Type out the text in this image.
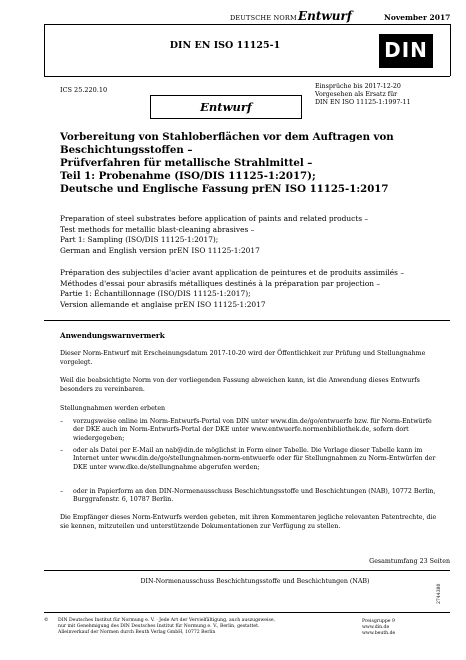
DEUTSCHE NORM Entwurf	November 2017
DIN EN ISO 11125-1	DIN
ICS 25.220.10	Einsprüche bis 2017-12-20
Vorgesehen als Ersatz für
DIN EN ISO 11125-1:1997-11
Entwurf
Vorbereitung von Stahloberflächen vor dem Auftragen von
Beschichtungsstoffen –
Prüfverfahren für metallische Strahlmittel –
Teil 1: Probenahme (ISO/DIS 11125-1:2017);
Deutsche und Englische Fassung prEN ISO 11125-1:2017
Preparation of steel substrates before application of paints and related products –
Test methods for metallic blast-cleaning abrasives –
Part 1: Sampling (ISO/DIS 11125-1:2017);
German and English version prEN ISO 11125-1:2017
Préparation des subjectiles d'acier avant application de peintures et de produits assimilés –
Méthodes d'essai pour abrasifs métalliques destinés à la préparation par projection –
Partie 1: Échantillonnage (ISO/DIS 11125-1:2017);
Version allemande et anglaise prEN ISO 11125-1:2017
Anwendungswarnvermerk
Dieser Norm-Entwurf mit Erscheinungsdatum 2017-10-20 wird der Öffentlichkeit zur Prüfung und Stellungnahme vorgelegt.
Weil die beabsichtigte Norm von der vorliegenden Fassung abweichen kann, ist die Anwendung dieses Entwurfs besonders zu vereinbaren.
Stellungnahmen werden erbeten
– vorzugsweise online im Norm-Entwurfs-Portal von DIN unter www.din.de/go/entwuerfe bzw. für Norm-Entwürfe der DKE auch im Norm-Entwurfs-Portal der DKE unter www.entwuerfe.normenbibliothek.de, sofern dort wiedergegeben;
– oder als Datei per E-Mail an nab@din.de möglichst in Form einer Tabelle. Die Vorlage dieser Tabelle kann im Internet unter www.din.de/go/stellungnahmen-norm-entwuerfe oder für Stellungnahmen zu Norm-Entwürfen der DKE unter www.dke.de/stellungnahme abgerufen werden;
– oder in Papierform an den DIN-Normenausschuss Beschichtungsstoffe und Beschichtungen (NAB), 10772 Berlin, Burggrafenstr. 6, 10787 Berlin.
Die Empfänger dieses Norm-Entwurfs werden gebeten, mit ihren Kommentaren jegliche relevanten Patentrechte, die sie kennen, mitzuteilen und unterstützende Dokumentationen zur Verfügung zu stellen.
Gesamtumfang 23 Seiten
DIN-Normenausschuss Beschichtungsstoffe und Beschichtungen (NAB)
© DIN Deutsches Institut für Normung e. V. · Jede Art der Vervielfältigung, auch auszugsweise,
nur mit Genehmigung des DIN Deutsches Institut für Normung e. V., Berlin, gestattet.
Alleinverkauf der Normen durch Beuth Verlag GmbH, 10772 Berlin
Preisgruppe 9
www.din.de
www.beuth.de
2744380
